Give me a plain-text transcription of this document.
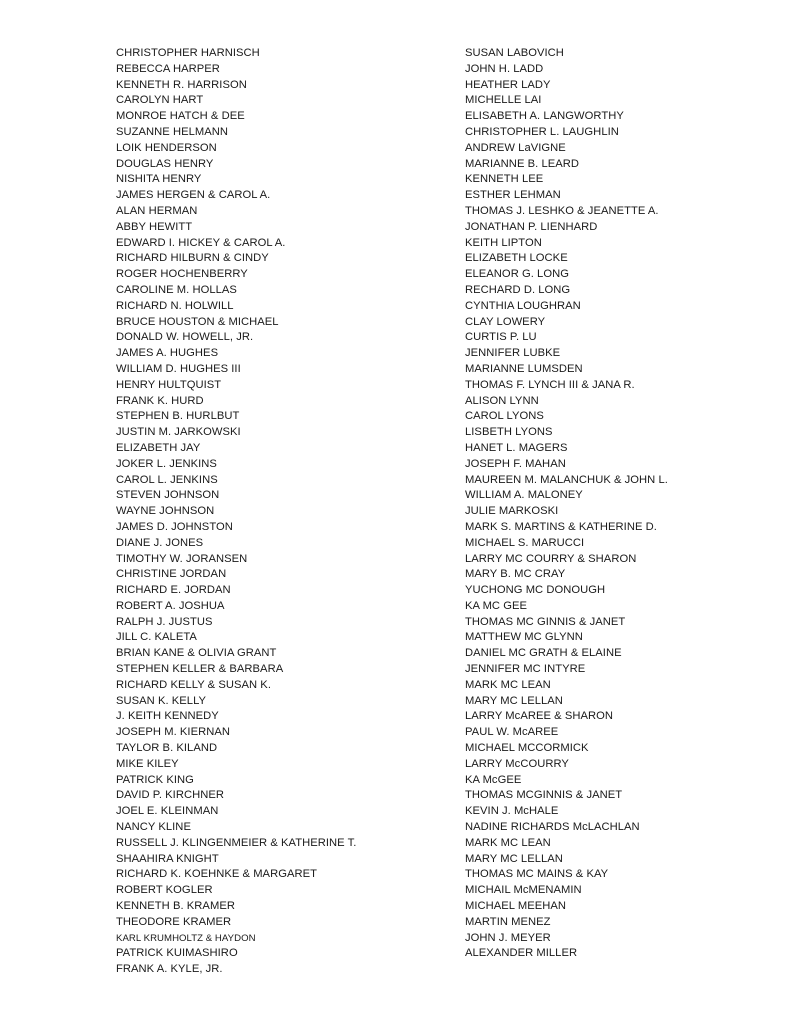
CHRISTOPHER HARNISCH
REBECCA HARPER
KENNETH R. HARRISON
CAROLYN HART
MONROE HATCH & DEE
SUZANNE HELMANN
LOIK HENDERSON
DOUGLAS HENRY
NISHITA HENRY
JAMES HERGEN & CAROL A.
ALAN HERMAN
ABBY HEWITT
EDWARD I. HICKEY & CAROL A.
RICHARD HILBURN & CINDY
ROGER HOCHENBERRY
CAROLINE M. HOLLAS
RICHARD N. HOLWILL
BRUCE HOUSTON & MICHAEL
DONALD W. HOWELL, JR.
JAMES A. HUGHES
WILLIAM D. HUGHES III
HENRY HULTQUIST
FRANK K. HURD
STEPHEN B. HURLBUT
JUSTIN M. JARKOWSKI
ELIZABETH JAY
JOKER L. JENKINS
CAROL L. JENKINS
STEVEN JOHNSON
WAYNE JOHNSON
JAMES D. JOHNSTON
DIANE J. JONES
TIMOTHY W. JORANSEN
CHRISTINE JORDAN
RICHARD E. JORDAN
ROBERT A. JOSHUA
RALPH J. JUSTUS
JILL C. KALETA
BRIAN KANE & OLIVIA GRANT
STEPHEN KELLER & BARBARA
RICHARD KELLY & SUSAN K.
SUSAN K. KELLY
J. KEITH KENNEDY
JOSEPH M. KIERNAN
TAYLOR B. KILAND
MIKE KILEY
PATRICK KING
DAVID P. KIRCHNER
JOEL E. KLEINMAN
NANCY KLINE
RUSSELL J. KLINGENMEIER & KATHERINE T.
SHAAHIRA KNIGHT
RICHARD K. KOEHNKE & MARGARET
ROBERT KOGLER
KENNETH B. KRAMER
THEODORE KRAMER
KARL KRUMHOLTZ & HAYDON
PATRICK KUIMASHIRO
FRANK A. KYLE, JR.
SUSAN LABOVICH
JOHN H. LADD
HEATHER LADY
MICHELLE LAI
ELISABETH A. LANGWORTHY
CHRISTOPHER L. LAUGHLIN
ANDREW LaVIGNE
MARIANNE B. LEARD
KENNETH LEE
ESTHER LEHMAN
THOMAS J. LESHKO & JEANETTE A.
JONATHAN P. LIENHARD
KEITH LIPTON
ELIZABETH LOCKE
ELEANOR G. LONG
RECHARD D. LONG
CYNTHIA LOUGHRAN
CLAY LOWERY
CURTIS P. LU
JENNIFER LUBKE
MARIANNE LUMSDEN
THOMAS F. LYNCH III & JANA R.
ALISON LYNN
CAROL LYONS
LISBETH LYONS
HANET L. MAGERS
JOSEPH F. MAHAN
MAUREEN M. MALANCHUK & JOHN L.
WILLIAM A. MALONEY
JULIE MARKOSKI
MARK S. MARTINS & KATHERINE D.
MICHAEL S. MARUCCI
LARRY MC COURRY & SHARON
MARY B. MC CRAY
YUCHONG MC DONOUGH
KA MC GEE
THOMAS MC GINNIS & JANET
MATTHEW MC GLYNN
DANIEL MC GRATH & ELAINE
JENNIFER MC INTYRE
MARK MC LEAN
MARY MC LELLAN
LARRY McAREE & SHARON
PAUL W. McAREE
MICHAEL MCCORMICK
LARRY McCOURRY
KA McGEE
THOMAS MCGINNIS & JANET
KEVIN J. McHALE
NADINE RICHARDS McLACHLAN
MARK MC LEAN
MARY MC LELLAN
THOMAS MC MAINS & KAY
MICHAIL McMENAMIN
MICHAEL MEEHAN
MARTIN MENEZ
JOHN J. MEYER
ALEXANDER MILLER
